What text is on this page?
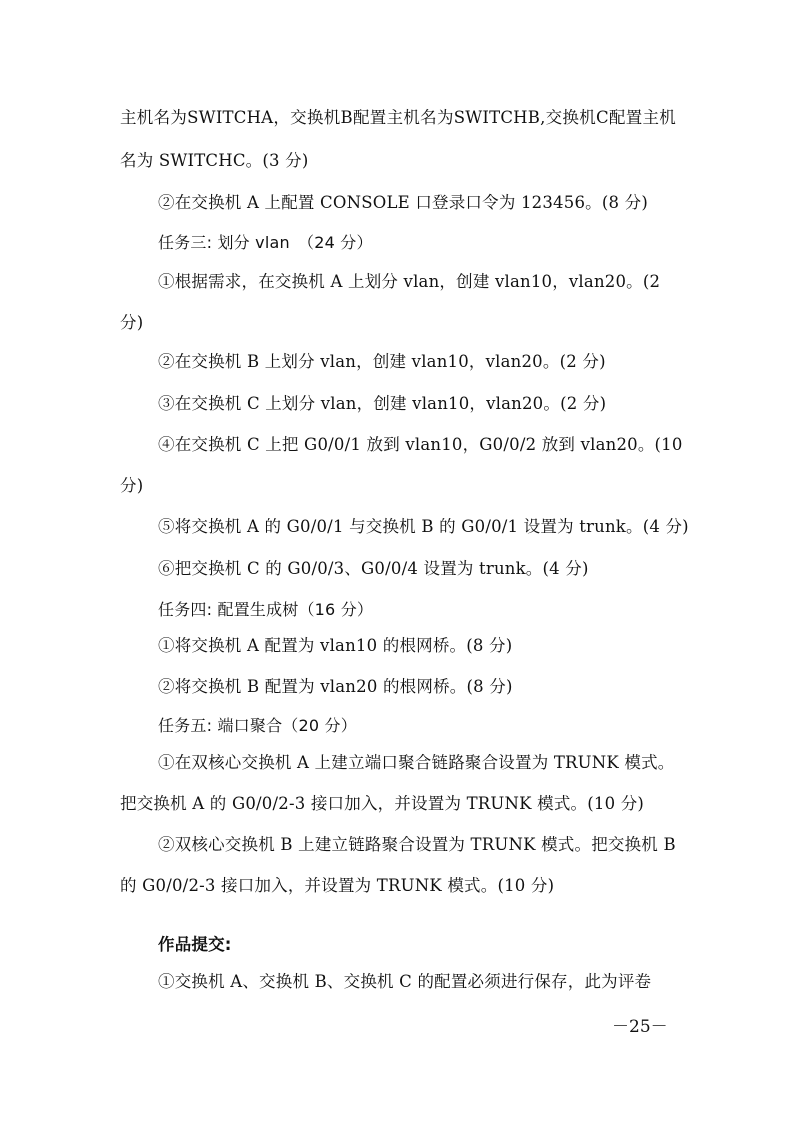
主机名为SWITCHA，交换机B配置主机名为SWITCHB,交换机C配置主机
名为 SWITCHC。(3 分)
②在交换机 A 上配置 CONSOLE 口登录口令为 123456。(8 分)
任务三: 划分 vlan　（24 分）
①根据需求，在交换机 A 上划分 vlan，创建 vlan10，vlan20。(2
分)
②在交换机 B 上划分 vlan，创建 vlan10，vlan20。(2 分)
③在交换机 C 上划分 vlan，创建 vlan10，vlan20。(2 分)
④在交换机 C 上把 G0/0/1 放到 vlan10，G0/0/2 放到 vlan20。(10
分)
⑤将交换机 A 的 G0/0/1 与交换机 B 的 G0/0/1 设置为 trunk。(4 分)
⑥把交换机 C 的 G0/0/3、G0/0/4 设置为 trunk。(4 分)
任务四: 配置生成树（16 分）
①将交换机 A 配置为 vlan10 的根网桥。(8 分)
②将交换机 B 配置为 vlan20 的根网桥。(8 分)
任务五: 端口聚合（20 分）
①在双核心交换机 A 上建立端口聚合链路聚合设置为 TRUNK 模式。
把交换机 A 的 G0/0/2-3 接口加入，并设置为 TRUNK 模式。(10 分)
②双核心交换机 B 上建立链路聚合设置为 TRUNK 模式。把交换机 B
的 G0/0/2-3 接口加入，并设置为 TRUNK 模式。(10 分)
作品提交:
①交换机 A、交换机 B、交换机 C 的配置必须进行保存，此为评卷
－25－
